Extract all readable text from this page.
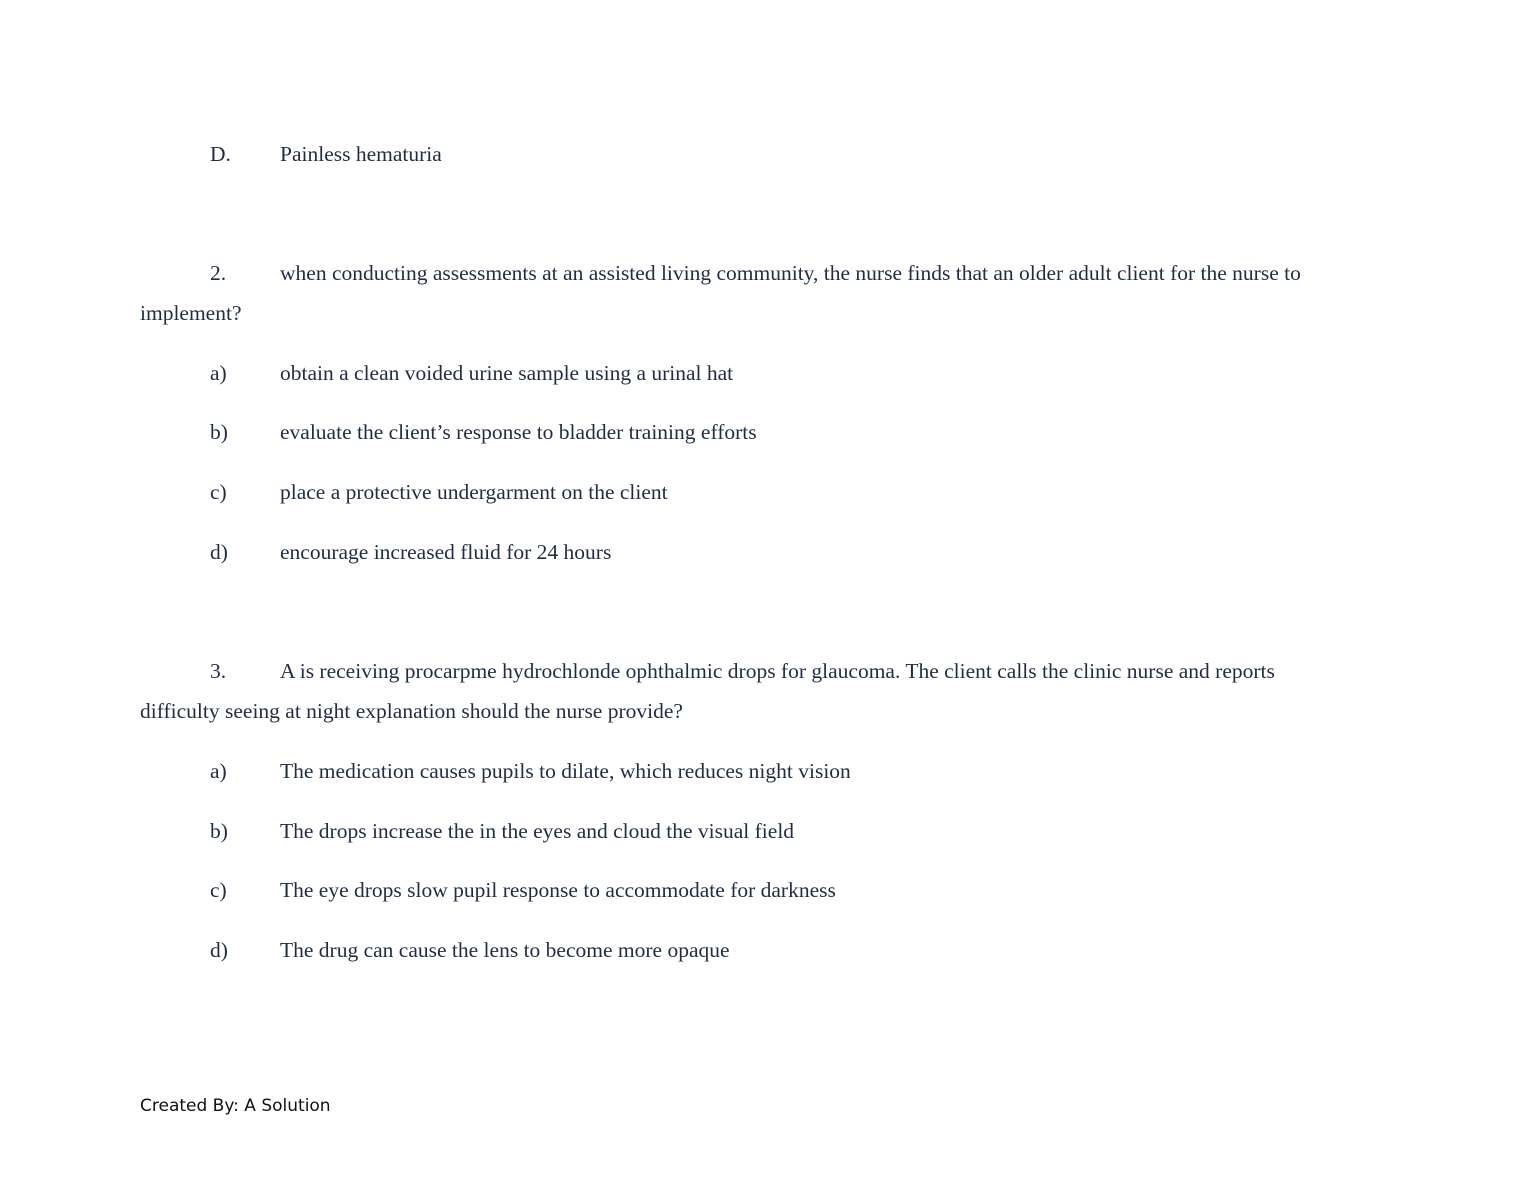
D. Painless hematuria
2.	when conducting assessments at an assisted living community, the nurse finds that an older adult client for the nurse to
implement?
a) obtain a clean voided urine sample using a urinal hat
b) evaluate the client’s response to bladder training efforts
c) place a protective undergarment on the client
d) encourage increased fluid for 24 hours
3.	A is receiving procarpme hydrochlonde ophthalmic drops for glaucoma. The client calls the clinic nurse and reports
difficulty seeing at night explanation should the nurse provide?
a) The medication causes pupils to dilate, which reduces night vision
b) The drops increase the in the eyes and cloud the visual field
c) The eye drops slow pupil response to accommodate for darkness
d) The drug can cause the lens to become more opaque
Created By: A Solution
